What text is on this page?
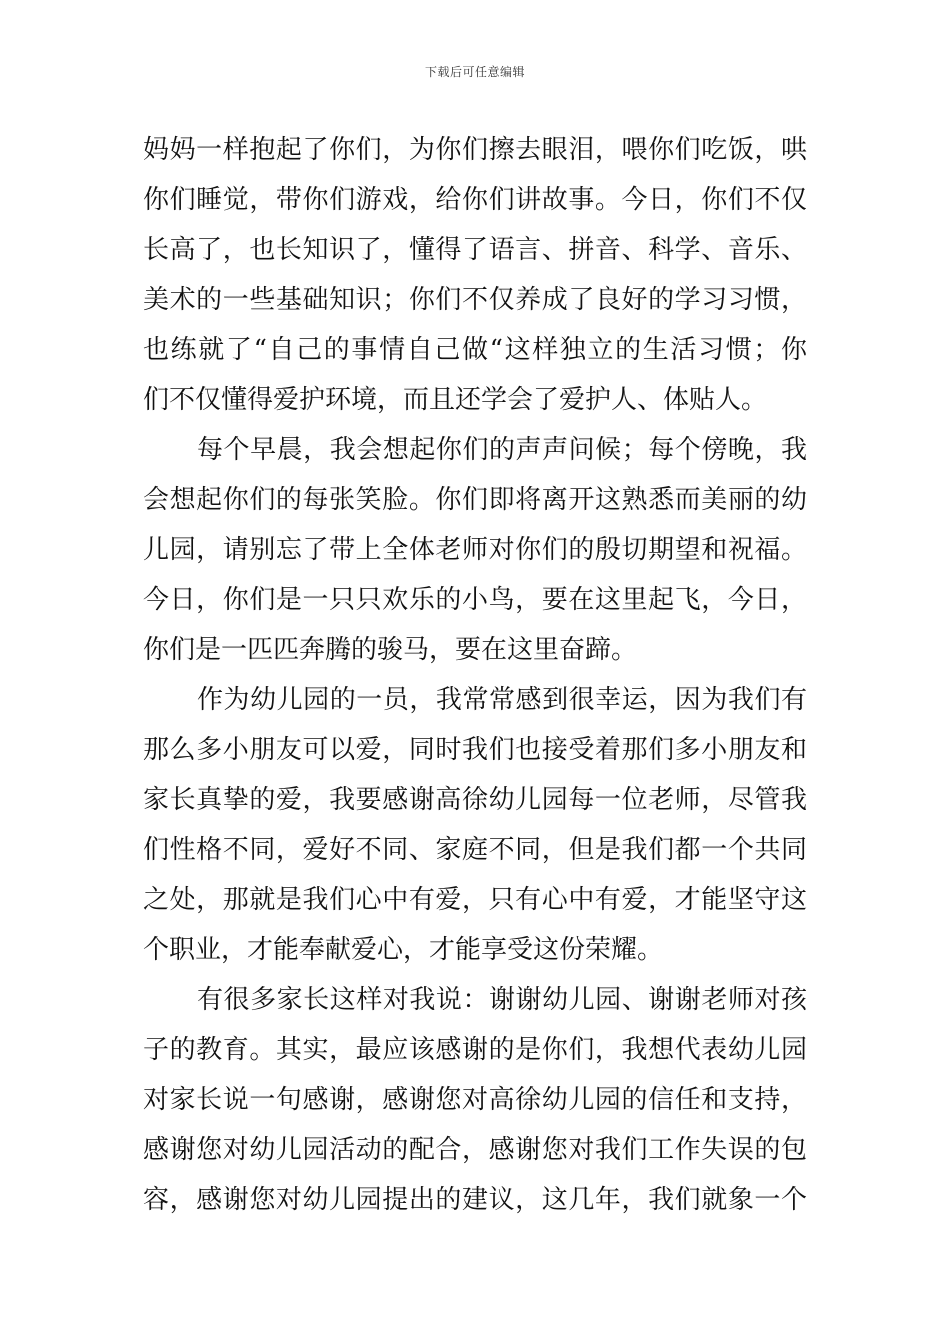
下载后可任意编辑
妈妈一样抱起了你们，为你们擦去眼泪，喂你们吃饭，哄
你们睡觉，带你们游戏，给你们讲故事。今日，你们不仅
长高了，也长知识了，懂得了语言、拼音、科学、音乐、
美术的一些基础知识；你们不仅养成了良好的学习习惯，
也练就了“自己的事情自己做“这样独立的生活习惯；你
们不仅懂得爱护环境，而且还学会了爱护人、体贴人。
每个早晨，我会想起你们的声声问候；每个傍晚，我
会想起你们的每张笑脸。你们即将离开这熟悉而美丽的幼
儿园，请别忘了带上全体老师对你们的殷切期望和祝福。
今日，你们是一只只欢乐的小鸟，要在这里起飞，今日，
你们是一匹匹奔腾的骏马，要在这里奋蹄。
作为幼儿园的一员，我常常感到很幸运，因为我们有
那么多小朋友可以爱，同时我们也接受着那们多小朋友和
家长真挚的爱，我要感谢高徐幼儿园每一位老师，尽管我
们性格不同，爱好不同、家庭不同，但是我们都一个共同
之处，那就是我们心中有爱，只有心中有爱，才能坚守这
个职业，才能奉献爱心，才能享受这份荣耀。
有很多家长这样对我说：谢谢幼儿园、谢谢老师对孩
子的教育。其实，最应该感谢的是你们，我想代表幼儿园
对家长说一句感谢，感谢您对高徐幼儿园的信任和支持，
感谢您对幼儿园活动的配合，感谢您对我们工作失误的包
容，感谢您对幼儿园提出的建议，这几年，我们就象一个
